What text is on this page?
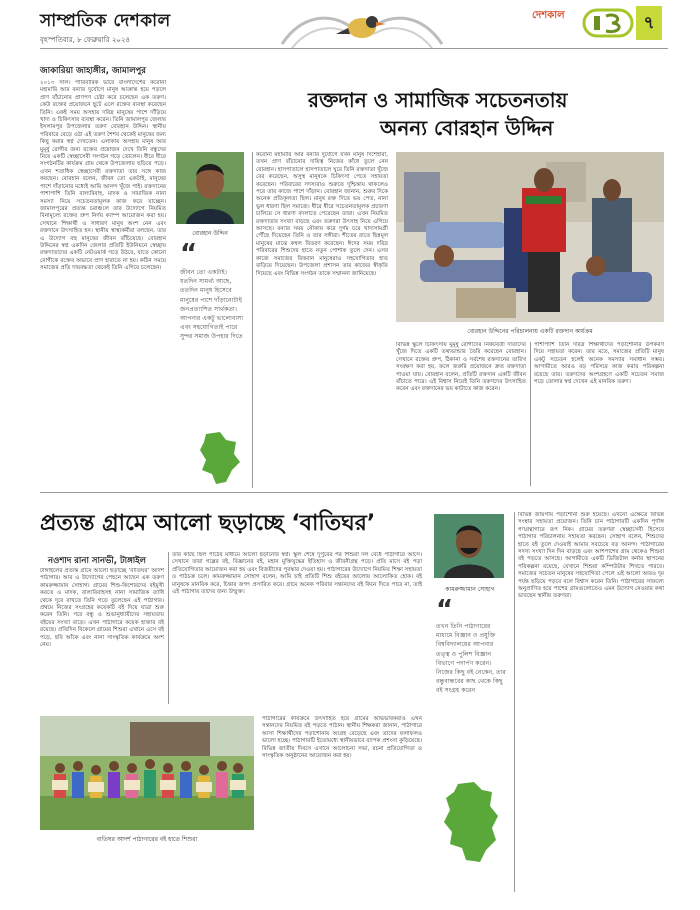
সাম্প্রতিক দেশকাল
বৃহস্পতিবার, ৮ ফেব্রুয়ারি ২০২৪
দেশকাল	৭
জাকারিয়া জাহাঙ্গীর, জামালপুর
রক্তদান ও সামাজিক সচেতনতায়
অনন্য বোরহান উদ্দিন
২০১৩ সাল। পারিবারিক ভাবে বাংলাদেশের করোনা মহামারি আর বন্যার দুর্যোগে মানুষ আক্রান্ত হয়ে পড়লে প্রাণ বাঁচানোর প্রাণপণ চেষ্টা করে চলেছেন এক তরুণ। কেউ রক্তের প্রয়োজনে ছুটে এলে রক্তের ব্যবস্থা করেছেন তিনি। একই সময় অসহায় দরিদ্র মানুষের পাশে দাঁড়িয়ে খাদ্য ও চিকিৎসার ব্যবস্থা করেন। তিনি জামালপুর জেলার ইসলামপুর উপজেলার তরুণ বোরহান উদ্দিন। স্থানীয় পরিবারে বেড়ে ওঠা এই তরুণ শৈশব থেকেই মানুষের জন্য কিছু করার স্বপ্ন দেখতেন। এলাকায় অসহায় মানুষ আর মুমূর্ষু রোগীর জন্য রক্তের প্রয়োজন দেখে তিনি বন্ধুদের নিয়ে একটি স্বেচ্ছাসেবী সংগঠন গড়ে তোলেন। ধীরে ধীরে সংগঠনটির কার্যক্রম গ্রাম থেকে উপজেলায় ছড়িয়ে পড়ে। এখন শতাধিক স্বেচ্ছাসেবী রক্তদাতা তার সঙ্গে কাজ করছেন। বোরহান বলেন, জীবন তো একটাই, মানুষের পাশে দাঁড়ানোর মধ্যেই আমি আনন্দ খুঁজে পাই। রক্তদানের পাশাপাশি তিনি বাল্যবিবাহ, মাদক ও সামাজিক নানা সমস্যা নিয়ে সচেতনতামূলক কাজ করে যাচ্ছেন। জামালপুরের প্রত্যন্ত চরাঞ্চলে তার উদ্যোগে নিয়মিত বিনামূল্যে রক্তের গ্রুপ নির্ণয় ক্যাম্প আয়োজন করা হয়। সেখানে শিক্ষার্থী ও সাধারণ মানুষ অংশ নেন এবং রক্তদানে উৎসাহিত হন। স্থানীয় স্বাস্থ্যকর্মীরা বলছেন, তার এ উদ্যোগ বহু মানুষের জীবন বাঁচিয়েছে। বোরহান উদ্দিনের স্বপ্ন একদিন জেলার প্রতিটি ইউনিয়নে স্বেচ্ছায় রক্তদাতাদের একটি নেটওয়ার্ক গড়ে উঠবে, যাতে কোনো রোগীকে রক্তের অভাবে প্রাণ হারাতে না হয়। কঠিন সময়ে সমাজের প্রতি দায়বদ্ধতা থেকেই তিনি এগিয়ে চলেছেন।
বোরহান উদ্দিন
“
জীবন তো একটাই। যতদিন সামর্থ্য আছে, ততদিন মানুষ হিসেবে মানুষের পাশে দাঁড়ানোটাই জনপ্রত্যাশিত সার্থকতা। আপনার একটু ভালোবাসা এবং সহযোগিতাই পারে সুন্দর সমাজ উপহার দিতে
করোনা মহামারি আর বন্যার দুর্যোগে যখন মানুষ দিশেহারা, তখন প্রাণ বাঁচানোর দায়িত্ব নিজের কাঁধে তুলে নেন বোরহান। হাসপাতালে হাসপাতালে ঘুরে তিনি রক্তদাতা খুঁজে বের করেছেন, অসুস্থ মানুষকে চিকিৎসা পেতে সহায়তা করেছেন। পরিবারের সদস্যরাও শুরুতে দুশ্চিন্তায় থাকলেও পরে তার কাজে পাশে দাঁড়ান। বোরহান জানান, শুরুর দিকে অনেক প্রতিকূলতা ছিল। মানুষ রক্ত দিতে ভয় পেত, নানা ভুল ধারণা ছিল সমাজে। ধীরে ধীরে সচেতনতামূলক প্রচারণা চালিয়ে সে ধারণা বদলাতে পেরেছেন তারা। এখন নিয়মিত রক্তদাতার সংখ্যা বাড়ছে এবং তরুণরা উৎসাহ নিয়ে এগিয়ে আসছে। বন্যার সময় নৌকায় করে দুর্গম চরে খাদ্যসামগ্রী পৌঁছে দিয়েছেন তিনি ও তার সঙ্গীরা। শীতের রাতে ছিন্নমূল মানুষের মাঝে কম্বল বিতরণ করেছেন। ঈদের সময় দরিদ্র পরিবারের শিশুদের হাতে নতুন পোশাক তুলে দেন। এসব কাজে সমাজের বিত্তবান মানুষেরাও সহযোগিতার হাত বাড়িয়ে দিয়েছেন। উপজেলা প্রশাসন তার কাজের স্বীকৃতি দিয়েছে এবং বিভিন্ন সংগঠন তাকে সম্মাননা জানিয়েছে।
বোরহান উদ্দিনের পরিচালনায় একটি রক্তদান কার্যক্রম
বিভিন্ন স্কুলে চিকিৎসায় মুমূর্ষু রোগীদের নিকটবর্তী দাতাদের খুঁজে দিতে একটি তথ্যভান্ডার তৈরি করেছেন বোরহান। সেখানে রক্তের গ্রুপ, ঠিকানা ও সর্বশেষ রক্তদানের তারিখ সংরক্ষণ করা হয়, ফলে জরুরি প্রয়োজনে দ্রুত রক্তদাতা পাওয়া যায়। বোরহান বলেন, প্রতিটি রক্তদান একটি জীবন বাঁচাতে পারে। এই বিশ্বাস নিয়েই তিনি তরুণদের উৎসাহিত করেন এবং রক্তদানের ভয় কাটাতে কাজ করেন।
পাশাপাশি তিনি দরিদ্র শিক্ষার্থীদের পড়াশোনার উপকরণ দিয়ে সহায়তা করেন। তার মতে, সমাজের প্রতিটি মানুষ একটু সচেতন হলেই অনেক সমস্যার সমাধান সম্ভব। আগামীতে আরও বড় পরিসরে কাজ করার পরিকল্পনা রয়েছে তার। তরুণদের অংশগ্রহণে একটি সচেতন সমাজ গড়ে তোলার স্বপ্ন দেখেন এই মানবিক তরুণ।
প্রত্যন্ত গ্রামে আলো ছড়াচ্ছে ‘বাতিঘর’
নওশাদ রানা সানভী, টাঙ্গাইল
টাঙ্গাইলের প্রত্যন্ত গ্রামে আলো ছড়াচ্ছে ‘বাতিঘর’ আদর্শ পাঠাগার। আর এ উদ্যোগের পেছনে আছেন এক তরুণ কামরুজ্জামান সোহাগ। গ্রামের শিশু-কিশোরদের বইমুখী করতে ও মাদক, বাল্যবিবাহসহ নানা সামাজিক ব্যাধি থেকে দূরে রাখতে তিনি গড়ে তুলেছেন এই পাঠাগার। প্রথমে নিজের সংগ্রহের কয়েকটি বই দিয়ে যাত্রা শুরু করেন তিনি। পরে বন্ধু ও শুভানুধ্যায়ীদের সহায়তায় বইয়ের সংখ্যা বাড়ে। এখন পাঠাগারে কয়েক হাজার বই রয়েছে। প্রতিদিন বিকেলে গ্রামের শিশুরা এখানে এসে বই পড়ে, ছবি আঁকে এবং নানা সাংস্কৃতিক কার্যক্রমে অংশ নেয়।
তার কাছে ছিল পাঠের মাধ্যমে আলো ছড়ানোর স্বপ্ন। স্কুল শেষে দুপুরের পর শিশুরা দল বেঁধে পাঠাগারে আসে। সেখানে তারা গল্পের বই, বিজ্ঞানের বই, মহান মুক্তিযুদ্ধের ইতিহাস ও জীবনীগ্রন্থ পড়ে। প্রতি মাসে বই পড়া প্রতিযোগিতার আয়োজন করা হয় এবং বিজয়ীদের পুরস্কার দেওয়া হয়। পাঠাগারের উদ্যোগে নিয়মিত শিক্ষা সহায়তা ও পাঠচক্র চলে। কামরুজ্জামান সোহাগ বলেন, আমি চাই প্রতিটি শিশু বইয়ের আলোয় আলোকিত হোক। বই মানুষকে মানবিক করে, চিন্তার জগৎ প্রসারিত করে। গ্রামে অনেক পরিবার সন্তানদের বই কিনে দিতে পারে না, তাই এই পাঠাগার তাদের জন্য উন্মুক্ত।
বাতিঘর আদর্শ পাঠাগারের বই হাতে শিশুরা
পাঠাগারের কার্যক্রমে উৎসাহিত হয়ে গ্রামের অভিভাবকরাও এখন সন্তানদের নিয়মিত বই পড়তে পাঠান। স্থানীয় শিক্ষকরা জানান, পাঠাগারে আসা শিক্ষার্থীদের পড়াশোনায় আগ্রহ বেড়েছে এবং তাদের ফলাফলও ভালো হচ্ছে। পাঠাগারটি ইতোমধ্যে স্থানীয়ভাবে ব্যাপক প্রশংসা কুড়িয়েছে। বিভিন্ন জাতীয় দিবসে এখানে আলোচনা সভা, রচনা প্রতিযোগিতা ও সাংস্কৃতিক অনুষ্ঠানের আয়োজন করা হয়।
কামরুজ্জামান সোহাগ
“
তখন তিনি পাঠাগারের মাধ্যমে বিজ্ঞান ও প্রযুক্তি বিশ্ববিদ্যালয়ের আপনার তত্ত্ব ও পুলিশ বিজ্ঞান বিভাগে পদার্পণ করেন। নিজের কিছু বই নেকেন, তার বন্ধুবান্ধবের কাছ থেকে কিছু বই সংগ্রহ করেন
বিভিন্ন জায়গায় পড়াশোনা শুরু হয়েছে। এখনো এক্ষেত্রে বিভিন্ন সংস্থার সহায়তা প্রয়োজন। তিনি চান পাঠাগারটি একদিন পূর্ণাঙ্গ গণগ্রন্থাগারে রূপ নিক। গ্রামের তরুণরা স্বেচ্ছাসেবী হিসেবে পাঠাগার পরিচালনায় সহায়তা করছেন। সোহাগ বলেন, শিশুদের হাতে বই তুলে দেওয়াই আমার সবচেয়ে বড় আনন্দ। পাঠাগারের সদস্য সংখ্যা দিন দিন বাড়ছে এবং আশপাশের গ্রাম থেকেও শিশুরা বই পড়তে আসছে। আগামীতে একটি ডিজিটাল কর্নার স্থাপনের পরিকল্পনা রয়েছে, যেখানে শিশুরা কম্পিউটার শিখতে পারবে। সমাজের সচেতন মানুষের সহযোগিতা পেলে এই আলো আরও দূর পর্যন্ত ছড়িয়ে পড়বে বলে বিশ্বাস করেন তিনি। পাঠাগারের সাফল্যে অনুপ্রাণিত হয়ে পাশের গ্রামগুলোতেও এমন উদ্যোগ নেওয়ার কথা ভাবছেন স্থানীয় তরুণরা।
